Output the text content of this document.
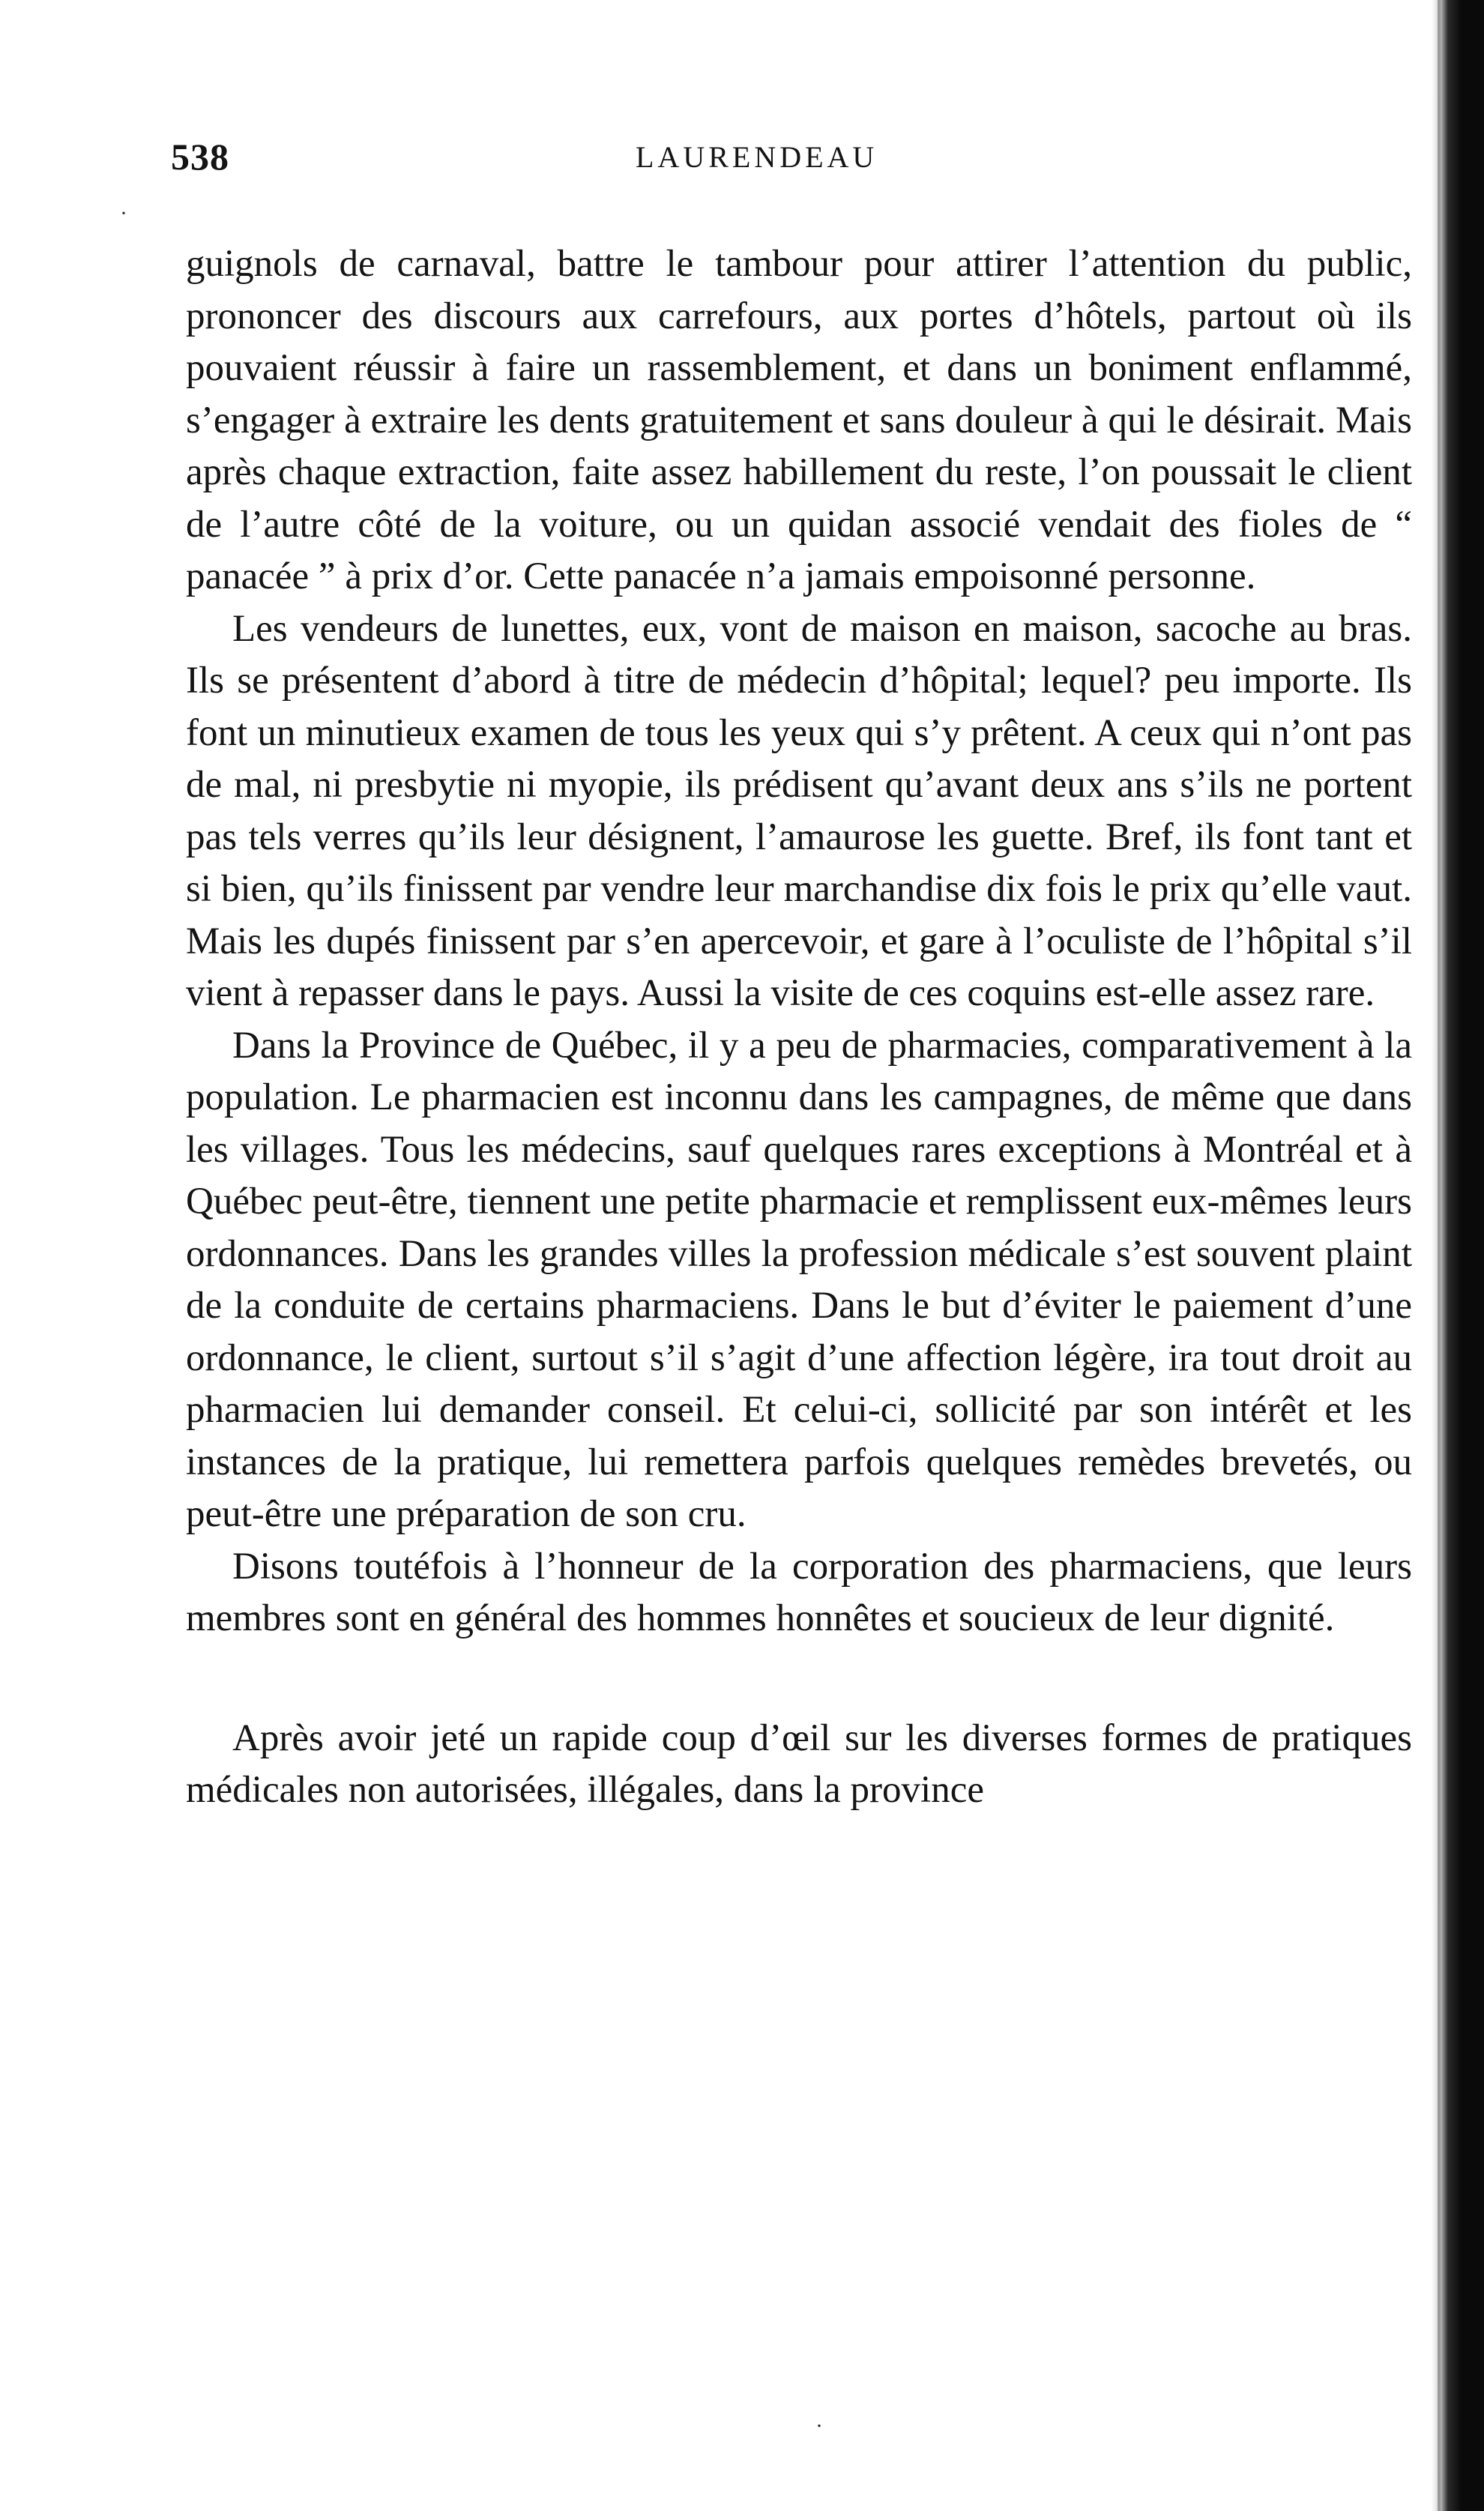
·
·
538	LAURENDEAU

guignols de carnaval, battre le tambour pour attirer l’attention du public, prononcer des discours aux carrefours, aux portes d’hôtels, partout où ils pouvaient réussir à faire un rassemblement, et dans un boniment enflammé, s’engager à extraire les dents gratuitement et sans douleur à qui le désirait. Mais après chaque extraction, faite assez habillement du reste, l’on poussait le client de l’autre côté de la voiture, ou un quidan associé vendait des fioles de “ panacée ” à prix d’or. Cette panacée n’a jamais empoisonné personne.

Les vendeurs de lunettes, eux, vont de maison en maison, sacoche au bras. Ils se présentent d’abord à titre de médecin d’hôpital; lequel? peu importe. Ils font un minutieux examen de tous les yeux qui s’y prêtent. A ceux qui n’ont pas de mal, ni presbytie ni myopie, ils prédisent qu’avant deux ans s’ils ne portent pas tels verres qu’ils leur désignent, l’amaurose les guette. Bref, ils font tant et si bien, qu’ils finissent par vendre leur marchandise dix fois le prix qu’elle vaut. Mais les dupés finissent par s’en apercevoir, et gare à l’oculiste de l’hôpital s’il vient à repasser dans le pays. Aussi la visite de ces coquins est-elle assez rare.

Dans la Province de Québec, il y a peu de pharmacies, comparativement à la population. Le pharmacien est inconnu dans les campagnes, de même que dans les villages. Tous les médecins, sauf quelques rares exceptions à Montréal et à Québec peut-être, tiennent une petite pharmacie et remplissent eux-mêmes leurs ordonnances. Dans les grandes villes la profession médicale s’est souvent plaint de la conduite de certains pharmaciens. Dans le but d’éviter le paiement d’une ordonnance, le client, surtout s’il s’agit d’une affection légère, ira tout droit au pharmacien lui demander conseil. Et celui-ci, sollicité par son intérêt et les instances de la pratique, lui remettera parfois quelques remèdes brevetés, ou peut-être une préparation de son cru.

Disons toutéfois à l’honneur de la corporation des pharmaciens, que leurs membres sont en général des hommes honnêtes et soucieux de leur dignité.

Après avoir jeté un rapide coup d’œil sur les diverses formes de pratiques médicales non autorisées, illégales, dans la province
